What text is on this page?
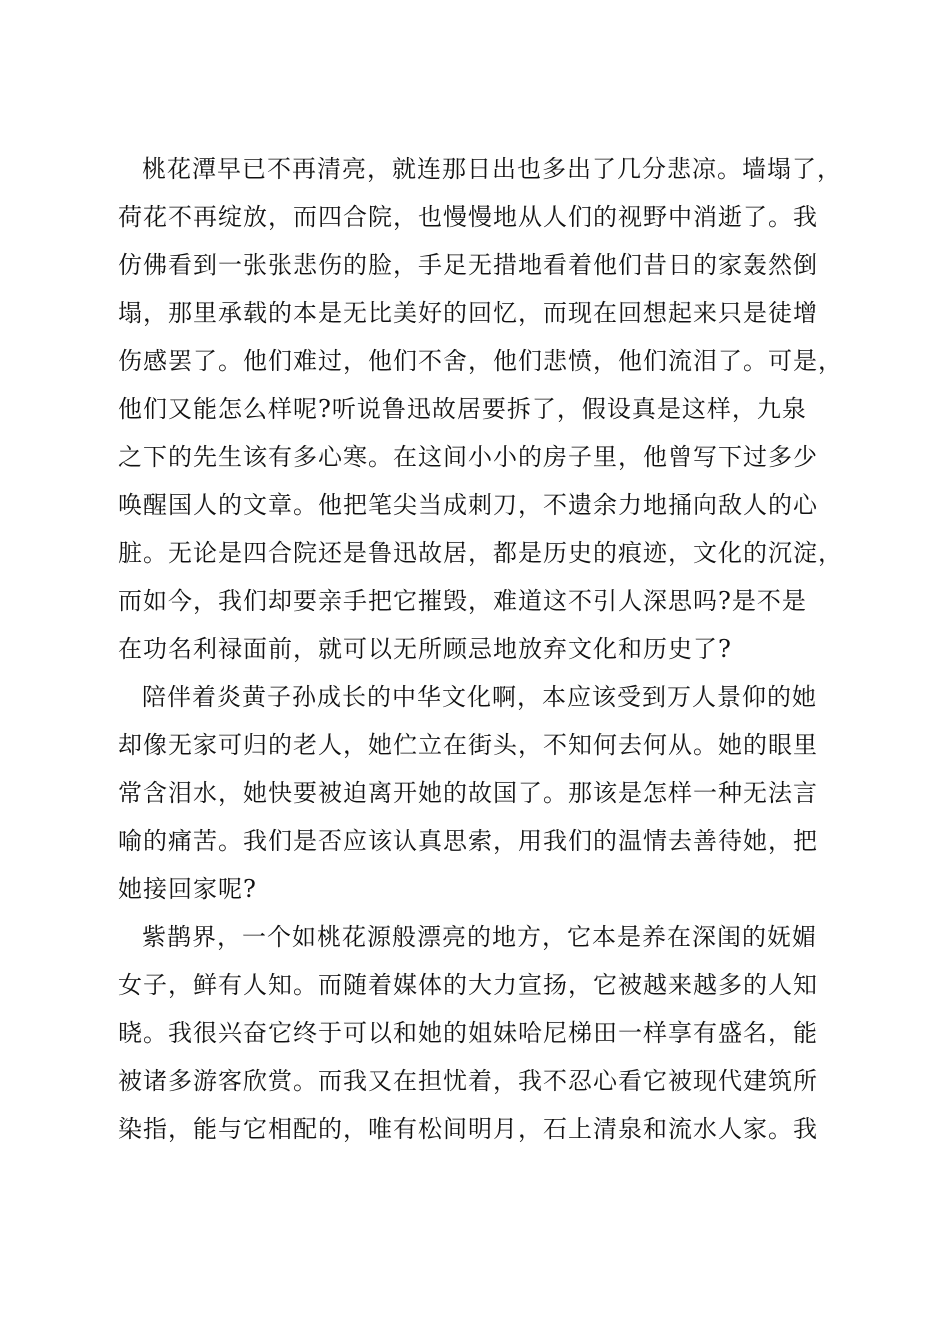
桃花潭早已不再清亮，就连那日出也多出了几分悲凉。墙塌了，
荷花不再绽放，而四合院，也慢慢地从人们的视野中消逝了。我
仿佛看到一张张悲伤的脸，手足无措地看着他们昔日的家轰然倒
塌，那里承载的本是无比美好的回忆，而现在回想起来只是徒增
伤感罢了。他们难过，他们不舍，他们悲愤，他们流泪了。可是，
他们又能怎么样呢?听说鲁迅故居要拆了，假设真是这样，九泉
之下的先生该有多心寒。在这间小小的房子里，他曾写下过多少
唤醒国人的文章。他把笔尖当成刺刀，不遗余力地捅向敌人的心
脏。无论是四合院还是鲁迅故居，都是历史的痕迹，文化的沉淀，
而如今，我们却要亲手把它摧毁，难道这不引人深思吗?是不是
在功名利禄面前，就可以无所顾忌地放弃文化和历史了?
陪伴着炎黄子孙成长的中华文化啊，本应该受到万人景仰的她
却像无家可归的老人，她伫立在街头，不知何去何从。她的眼里
常含泪水，她快要被迫离开她的故国了。那该是怎样一种无法言
喻的痛苦。我们是否应该认真思索，用我们的温情去善待她，把
她接回家呢?
紫鹊界，一个如桃花源般漂亮的地方，它本是养在深闺的妩媚
女子，鲜有人知。而随着媒体的大力宣扬，它被越来越多的人知
晓。我很兴奋它终于可以和她的姐妹哈尼梯田一样享有盛名，能
被诸多游客欣赏。而我又在担忧着，我不忍心看它被现代建筑所
染指，能与它相配的，唯有松间明月，石上清泉和流水人家。我
